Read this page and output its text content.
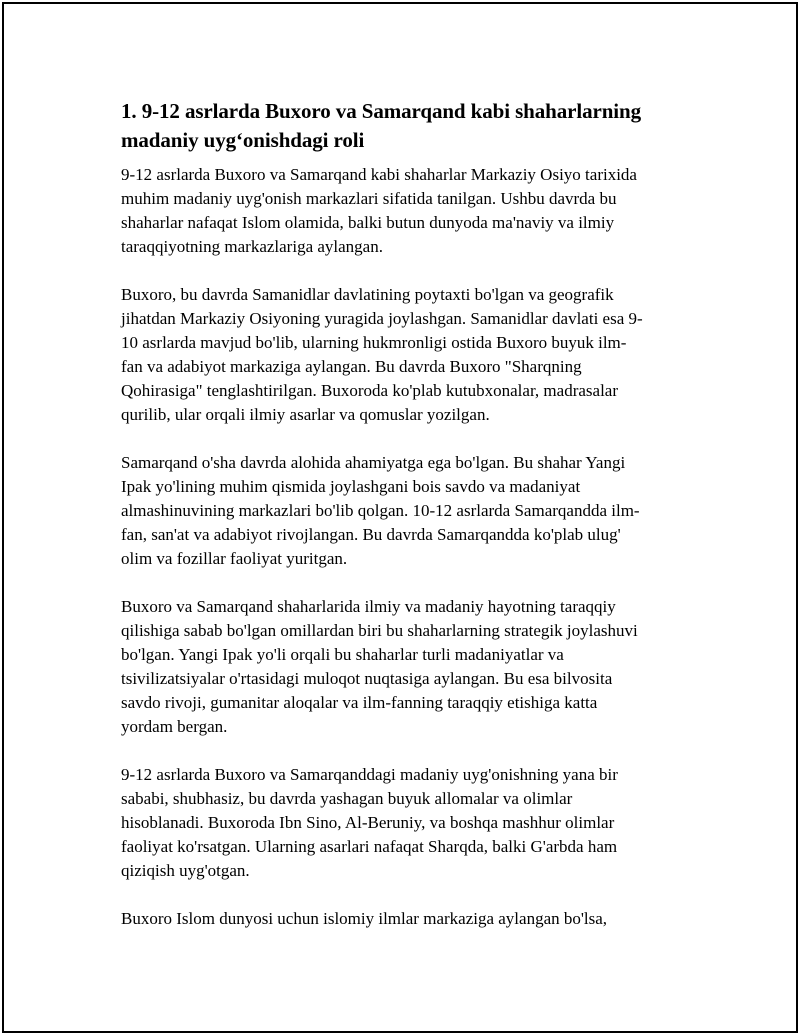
1. 9-12 asrlarda Buxoro va Samarqand kabi shaharlarning
madaniy uyg‘onishdagi roli

9-12 asrlarda Buxoro va Samarqand kabi shaharlar Markaziy Osiyo tarixida
muhim madaniy uyg'onish markazlari sifatida tanilgan. Ushbu davrda bu
shaharlar nafaqat Islom olamida, balki butun dunyoda ma'naviy va ilmiy
taraqqiyotning markazlariga aylangan.

Buxoro, bu davrda Samanidlar davlatining poytaxti bo'lgan va geografik
jihatdan Markaziy Osiyoning yuragida joylashgan. Samanidlar davlati esa 9-
10 asrlarda mavjud bo'lib, ularning hukmronligi ostida Buxoro buyuk ilm-
fan va adabiyot markaziga aylangan. Bu davrda Buxoro "Sharqning
Qohirasiga" tenglashtirilgan. Buxoroda ko'plab kutubxonalar, madrasalar
qurilib, ular orqali ilmiy asarlar va qomuslar yozilgan.

Samarqand o'sha davrda alohida ahamiyatga ega bo'lgan. Bu shahar Yangi
Ipak yo'lining muhim qismida joylashgani bois savdo va madaniyat
almashinuvining markazlari bo'lib qolgan. 10-12 asrlarda Samarqandda ilm-
fan, san'at va adabiyot rivojlangan. Bu davrda Samarqandda ko'plab ulug'
olim va fozillar faoliyat yuritgan.

Buxoro va Samarqand shaharlarida ilmiy va madaniy hayotning taraqqiy
qilishiga sabab bo'lgan omillardan biri bu shaharlarning strategik joylashuvi
bo'lgan. Yangi Ipak yo'li orqali bu shaharlar turli madaniyatlar va
tsivilizatsiyalar o'rtasidagi muloqot nuqtasiga aylangan. Bu esa bilvosita
savdo rivoji, gumanitar aloqalar va ilm-fanning taraqqiy etishiga katta
yordam bergan.

9-12 asrlarda Buxoro va Samarqanddagi madaniy uyg'onishning yana bir
sababi, shubhasiz, bu davrda yashagan buyuk allomalar va olimlar
hisoblanadi. Buxoroda Ibn Sino, Al-Beruniy, va boshqa mashhur olimlar
faoliyat ko'rsatgan. Ularning asarlari nafaqat Sharqda, balki G'arbda ham
qiziqish uyg'otgan.

Buxoro Islom dunyosi uchun islomiy ilmlar markaziga aylangan bo'lsa,
